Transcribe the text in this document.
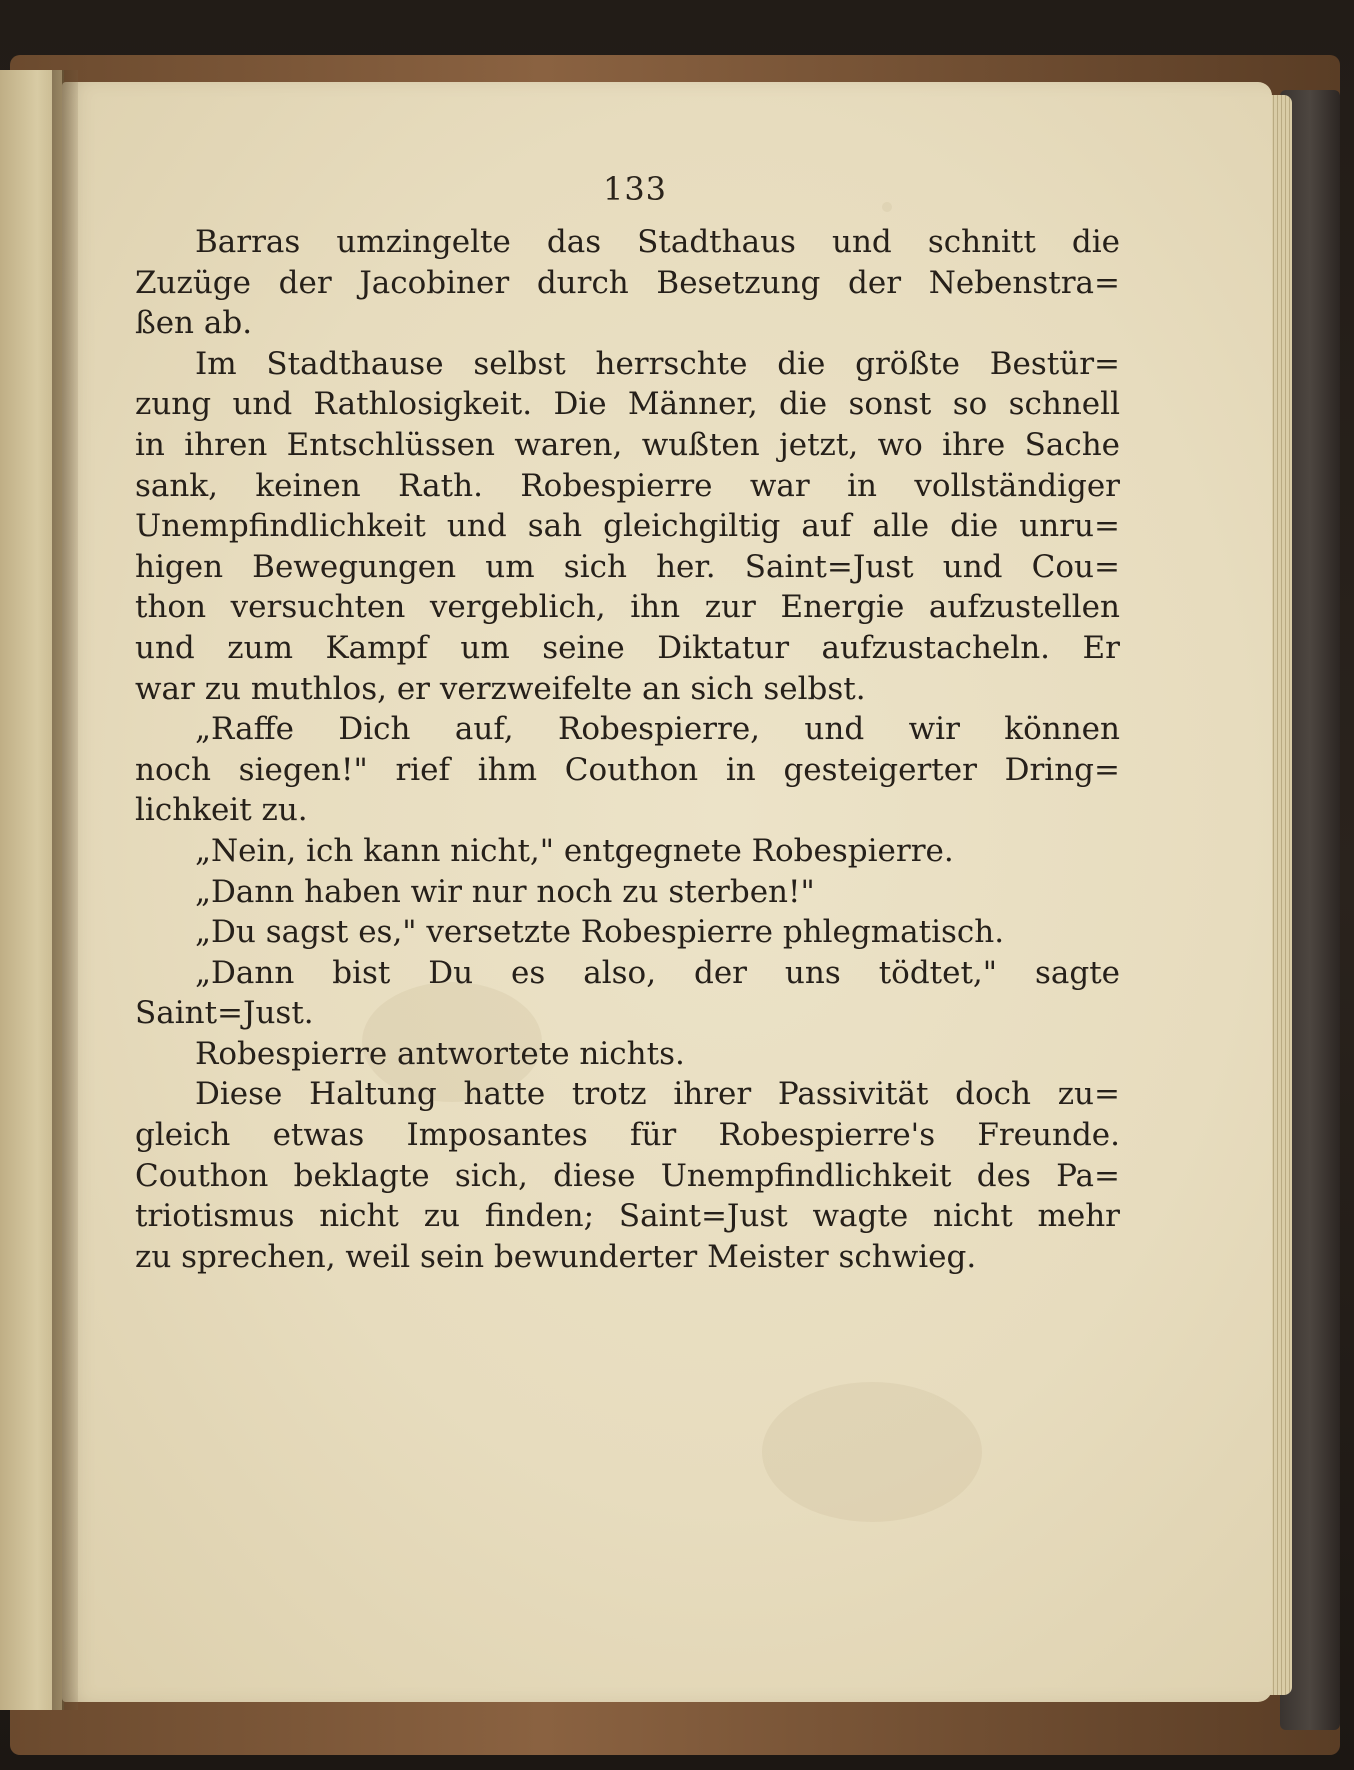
133
Barras umzingelte das Stadthaus und schnitt die
Zuzüge der Jacobiner durch Besetzung der Nebenstra=
ßen ab.
Im Stadthause selbst herrschte die größte Bestür=
zung und Rathlosigkeit. Die Männer, die sonst so schnell
in ihren Entschlüssen waren, wußten jetzt, wo ihre Sache
sank, keinen Rath. Robespierre war in vollständiger
Unempfindlichkeit und sah gleichgiltig auf alle die unru=
higen Bewegungen um sich her. Saint=Just und Cou=
thon versuchten vergeblich, ihn zur Energie aufzustellen
und zum Kampf um seine Diktatur aufzustacheln. Er
war zu muthlos, er verzweifelte an sich selbst.
„Raffe Dich auf, Robespierre, und wir können
noch siegen!" rief ihm Couthon in gesteigerter Dring=
lichkeit zu.
„Nein, ich kann nicht," entgegnete Robespierre.
„Dann haben wir nur noch zu sterben!"
„Du sagst es," versetzte Robespierre phlegmatisch.
„Dann bist Du es also, der uns tödtet," sagte
Saint=Just.
Robespierre antwortete nichts.
Diese Haltung hatte trotz ihrer Passivität doch zu=
gleich etwas Imposantes für Robespierre's Freunde.
Couthon beklagte sich, diese Unempfindlichkeit des Pa=
triotismus nicht zu finden; Saint=Just wagte nicht mehr
zu sprechen, weil sein bewunderter Meister schwieg.
